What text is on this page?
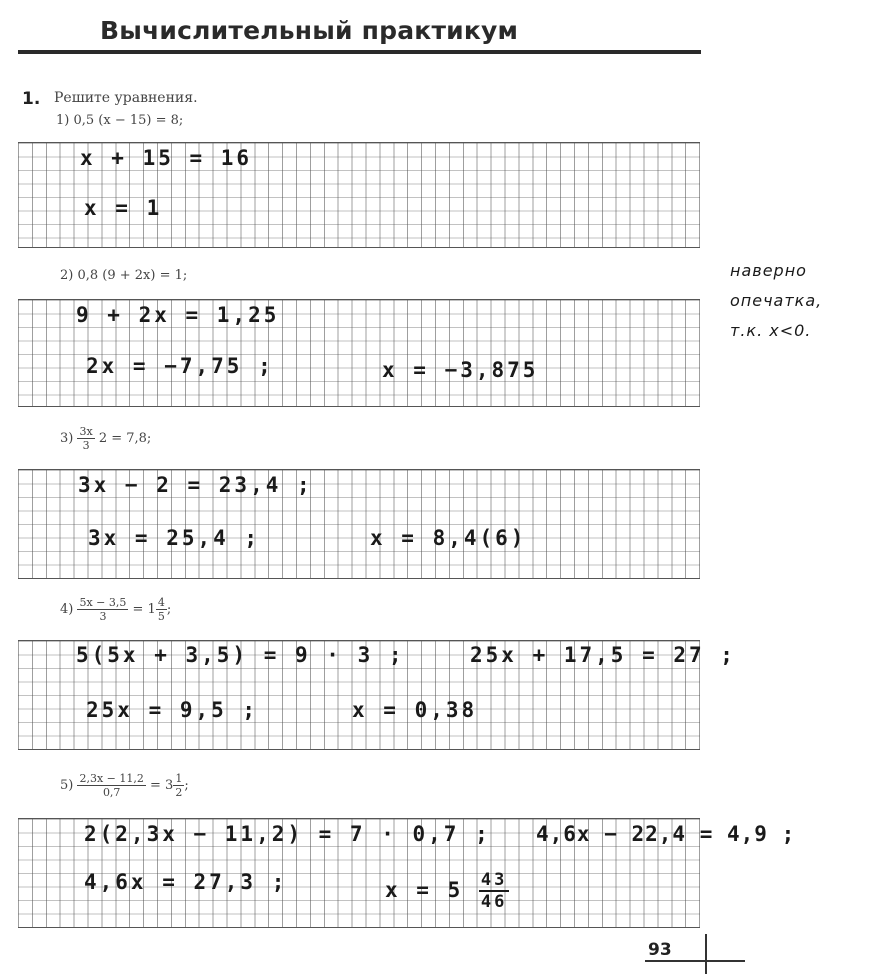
Вычислительный практикум
1. Решите уравнения.
1) 0,5 (x − 15) = 8;
x + 15 = 16
x = 1
2) 0,8 (9 + 2x) = 1;
9 + 2x = 1,25
2x = −7,75 ;	x = −3,875
наверно
опечатка,
т.к. x<0.
$3) \frac{3x}{3} 2 = 7,8$;
3x − 2 = 23,4 ;
3x = 25,4 ;	x = 8,4(6)
$4) \frac{5x - 3,5}{3} = 1 \frac{4}{5}$ ;
5(5x + 3,5) = 9 · 3 ;	25x + 17,5 = 27 ;
25x = 9,5 ;	x = 0,38
$5) \frac{2,3x - 11,2}{0,7} = 3 \frac{1}{2}$ ;
2(2,3x − 11,2) = 7 · 0,7 ; 4,6x − 22,4 = 4,9 ;
4,6x = 27,3 ;	$x = 5 \frac{43}{46}$
93
